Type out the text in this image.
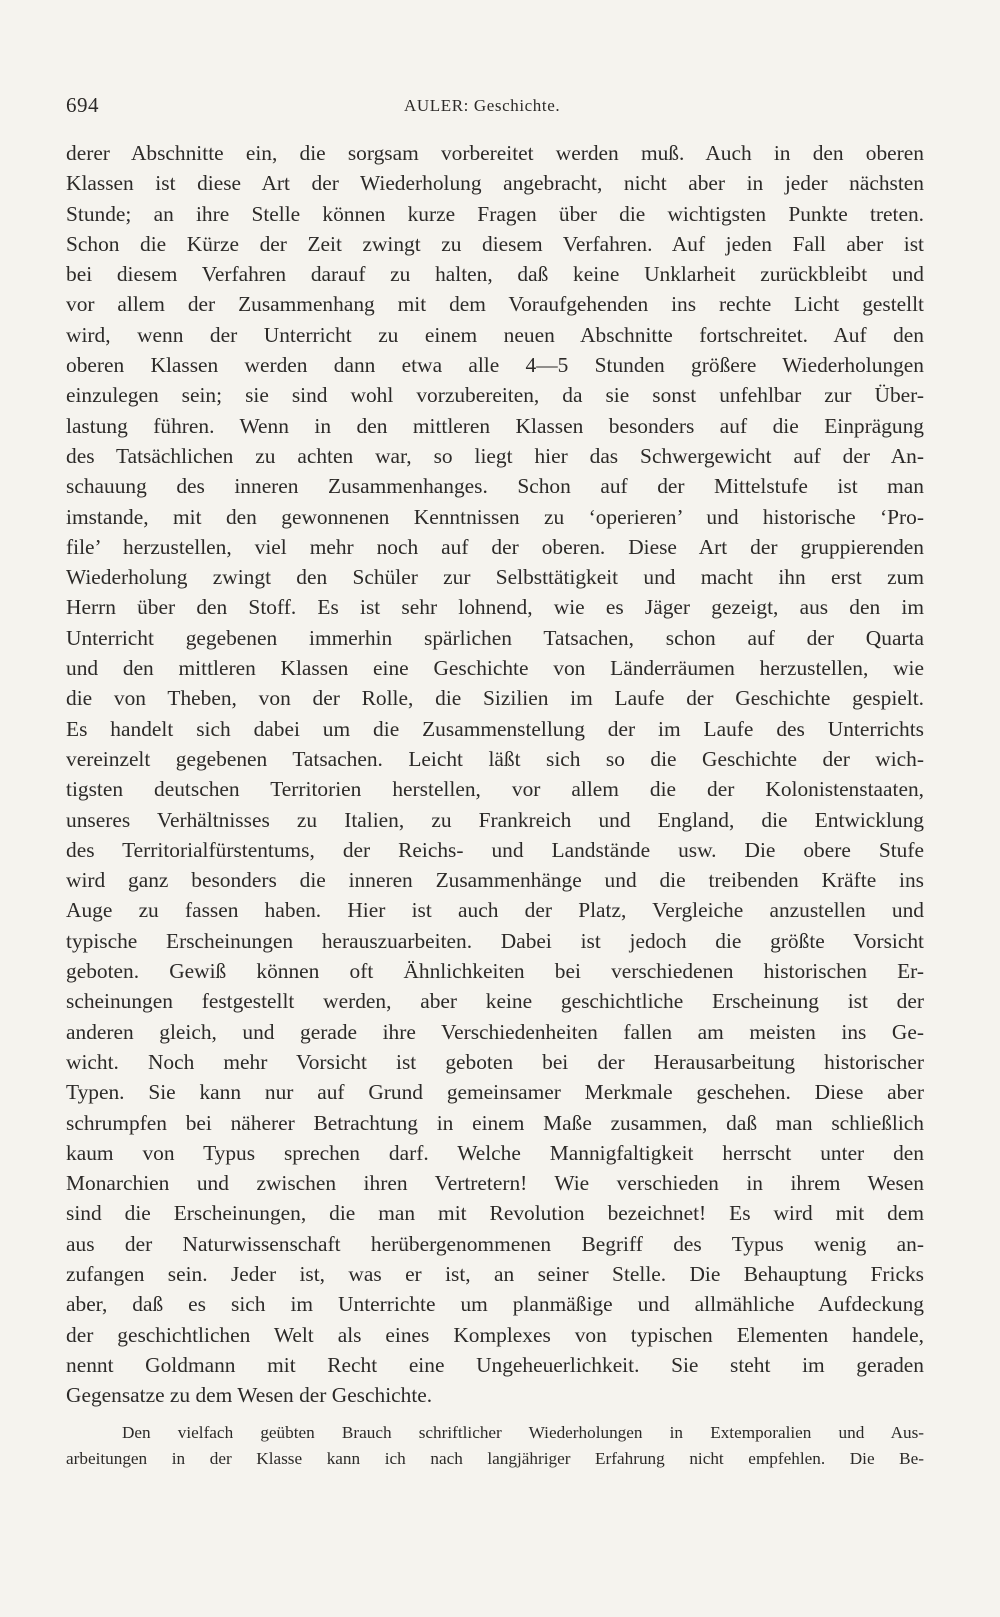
694	AULER: Geschichte.
derer Abschnitte ein, die sorgsam vorbereitet werden muß. Auch in den oberen
Klassen ist diese Art der Wiederholung angebracht, nicht aber in jeder nächsten
Stunde; an ihre Stelle können kurze Fragen über die wichtigsten Punkte treten.
Schon die Kürze der Zeit zwingt zu diesem Verfahren. Auf jeden Fall aber ist
bei diesem Verfahren darauf zu halten, daß keine Unklarheit zurückbleibt und
vor allem der Zusammenhang mit dem Voraufgehenden ins rechte Licht gestellt
wird, wenn der Unterricht zu einem neuen Abschnitte fortschreitet. Auf den
oberen Klassen werden dann etwa alle 4—5 Stunden größere Wiederholungen
einzulegen sein; sie sind wohl vorzubereiten, da sie sonst unfehlbar zur Über-
lastung führen. Wenn in den mittleren Klassen besonders auf die Einprägung
des Tatsächlichen zu achten war, so liegt hier das Schwergewicht auf der An-
schauung des inneren Zusammenhanges. Schon auf der Mittelstufe ist man
imstande, mit den gewonnenen Kenntnissen zu ‘operieren’ und historische ‘Pro-
file’ herzustellen, viel mehr noch auf der oberen. Diese Art der gruppierenden
Wiederholung zwingt den Schüler zur Selbsttätigkeit und macht ihn erst zum
Herrn über den Stoff. Es ist sehr lohnend, wie es Jäger gezeigt, aus den im
Unterricht gegebenen immerhin spärlichen Tatsachen, schon auf der Quarta
und den mittleren Klassen eine Geschichte von Länderräumen herzustellen, wie
die von Theben, von der Rolle, die Sizilien im Laufe der Geschichte gespielt.
Es handelt sich dabei um die Zusammenstellung der im Laufe des Unterrichts
vereinzelt gegebenen Tatsachen. Leicht läßt sich so die Geschichte der wich-
tigsten deutschen Territorien herstellen, vor allem die der Kolonistenstaaten,
unseres Verhältnisses zu Italien, zu Frankreich und England, die Entwicklung
des Territorialfürstentums, der Reichs- und Landstände usw. Die obere Stufe
wird ganz besonders die inneren Zusammenhänge und die treibenden Kräfte ins
Auge zu fassen haben. Hier ist auch der Platz, Vergleiche anzustellen und
typische Erscheinungen herauszuarbeiten. Dabei ist jedoch die größte Vorsicht
geboten. Gewiß können oft Ähnlichkeiten bei verschiedenen historischen Er-
scheinungen festgestellt werden, aber keine geschichtliche Erscheinung ist der
anderen gleich, und gerade ihre Verschiedenheiten fallen am meisten ins Ge-
wicht. Noch mehr Vorsicht ist geboten bei der Herausarbeitung historischer
Typen. Sie kann nur auf Grund gemeinsamer Merkmale geschehen. Diese aber
schrumpfen bei näherer Betrachtung in einem Maße zusammen, daß man schließlich
kaum von Typus sprechen darf. Welche Mannigfaltigkeit herrscht unter den
Monarchien und zwischen ihren Vertretern! Wie verschieden in ihrem Wesen
sind die Erscheinungen, die man mit Revolution bezeichnet! Es wird mit dem
aus der Naturwissenschaft herübergenommenen Begriff des Typus wenig an-
zufangen sein. Jeder ist, was er ist, an seiner Stelle. Die Behauptung Fricks
aber, daß es sich im Unterrichte um planmäßige und allmähliche Aufdeckung
der geschichtlichen Welt als eines Komplexes von typischen Elementen handele,
nennt Goldmann mit Recht eine Ungeheuerlichkeit. Sie steht im geraden
Gegensatze zu dem Wesen der Geschichte.
Den vielfach geübten Brauch schriftlicher Wiederholungen in Extemporalien und Aus-
arbeitungen in der Klasse kann ich nach langjähriger Erfahrung nicht empfehlen. Die Be-
